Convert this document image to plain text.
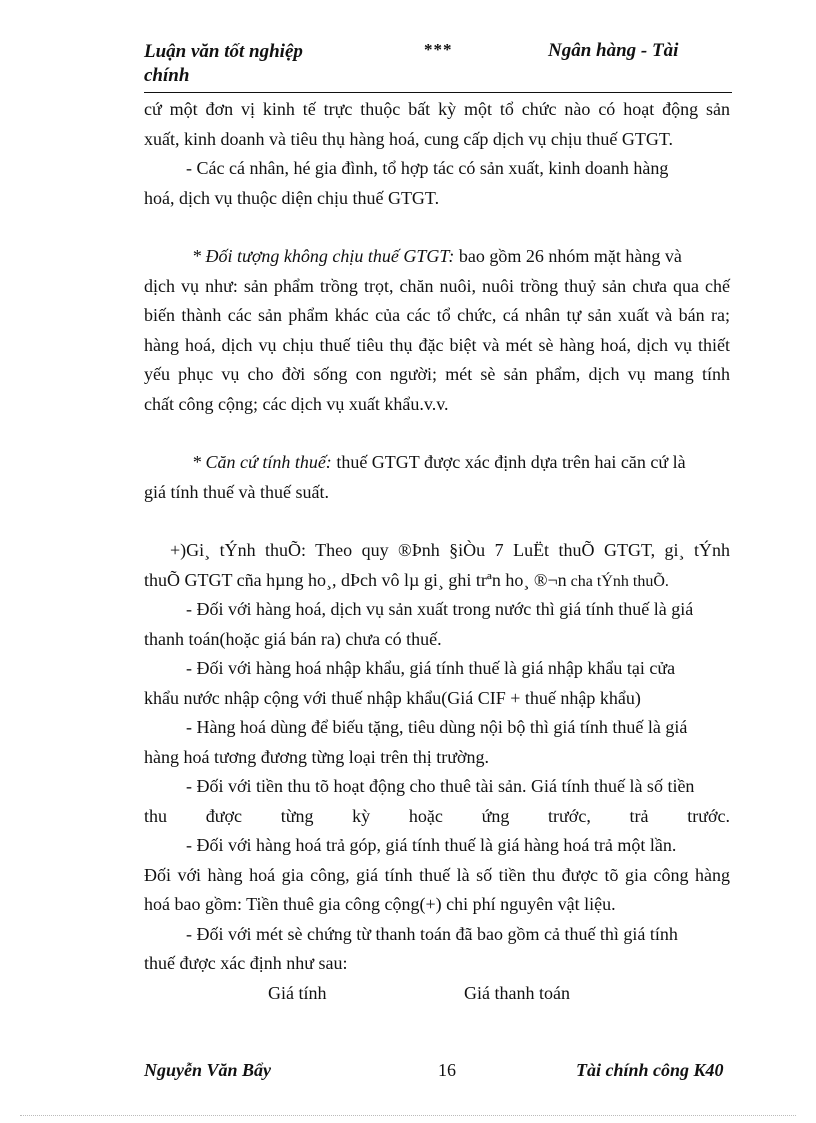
Luận văn tốt nghiệp chính
***	Ngân hàng - Tài
cứ một đơn vị kinh tế trực thuộc bất kỳ một tổ chức nào có hoạt động sản
xuất, kinh doanh và tiêu thụ hàng hoá, cung cấp dịch vụ chịu thuế GTGT.
- Các cá nhân, hé gia đình, tổ hợp tác có sản xuất, kinh doanh hàng
hoá, dịch vụ thuộc diện chịu thuế GTGT.
* Đối tượng không chịu thuế GTGT: bao gồm 26 nhóm mặt hàng và
dịch vụ như: sản phẩm trồng trọt, chăn nuôi, nuôi trồng thuỷ sản chưa qua chế
biến thành các sản phẩm khác của các tổ chức, cá nhân tự sản xuất và bán ra;
hàng hoá, dịch vụ chịu thuế tiêu thụ đặc biệt và mét sè hàng hoá, dịch vụ thiết
yếu phục vụ cho đời sống con người; mét sè sản phẩm, dịch vụ mang tính
chất công cộng; các dịch vụ xuất khẩu.v.v.
* Căn cứ tính thuế: thuế GTGT được xác định dựa trên hai căn cứ là
giá tính thuế và thuế suất.
+)Gi¸ tÝnh thuÕ: Theo quy ®Þnh §iÒu 7 LuËt thuÕ GTGT, gi¸ tÝnh
thuÕ GTGT cña hµng ho¸, dÞch vô lµ gi¸ ghi trªn ho¸ ®¬n cha tÝnh thuÕ.
- Đối với hàng hoá, dịch vụ sản xuất trong nước thì giá tính thuế là giá
thanh toán(hoặc giá bán ra) chưa có thuế.
- Đối với hàng hoá nhập khẩu, giá tính thuế là giá nhập khẩu tại cửa
khẩu nước nhập cộng với thuế nhập khẩu(Giá CIF + thuế nhập khẩu)
- Hàng hoá dùng để biếu tặng, tiêu dùng nội bộ thì giá tính thuế là giá
hàng hoá tương đương từng loại trên thị trường.
- Đối với tiền thu tõ hoạt động cho thuê tài sản. Giá tính thuế là số tiền
thu được từng kỳ hoặc ứng trước, trả trước.
- Đối với hàng hoá trả góp, giá tính thuế là giá hàng hoá trả một lần.
Đối với hàng hoá gia công, giá tính thuế là số tiền thu được tõ gia công hàng
hoá bao gồm: Tiền thuê gia công cộng(+) chi phí nguyên vật liệu.
- Đối với mét sè chứng từ thanh toán đã bao gồm cả thuế thì giá tính
thuế được xác định như sau:
Giá tính	Giá thanh toán
Nguyễn Văn Bẩy	16	Tài chính công K40
